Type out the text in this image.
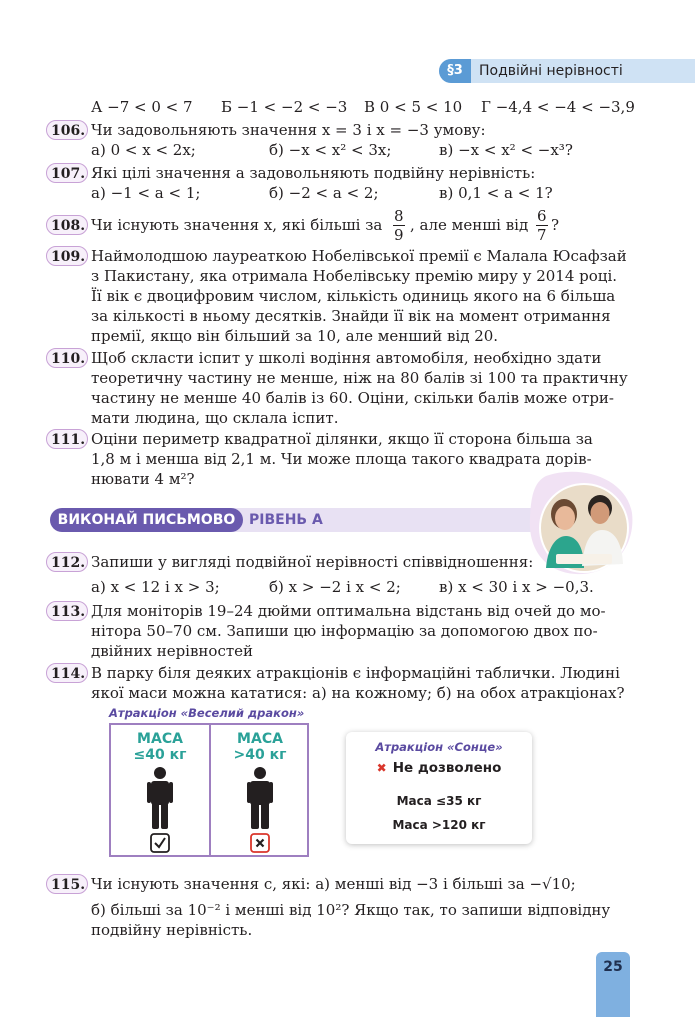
§3	Подвійні нерівності
А −7 < 0 < 7 Б −1 < −2 < −3 В 0 < 5 < 10 Г −4,4 < −4 < −3,9
106. Чи задовольняють значення x = 3 і x = −3 умову:
а) 0 < x < 2x;	б) −x < x² < 3x;	в) −x < x² < −x³?
107. Які цілі значення a задовольняють подвійну нерівність:
а) −1 < a < 1;	б) −2 < a < 2;	в) 0,1 < a < 1?
108. Чи існують значення x, які більші за $\frac{8}{9}$ , але менші від $\frac{6}{7}$ ?
109. Наймолодшою лауреаткою Нобелівської премії є Малала Юсафзай
з Пакистану, яка отримала Нобелівську премію миру у 2014 році.
Її вік є двоцифровим числом, кількість одиниць якого на 6 більша
за кількості в ньому десятків. Знайди її вік на момент отримання
премії, якщо він більший за 10, але менший від 20.
110. Щоб скласти іспит у школі водіння автомобіля, необхідно здати
теоретичну частину не менше, ніж на 80 балів зі 100 та практичну
частину не менше 40 балів із 60. Оціни, скільки балів може отри-
мати людина, що склала іспит.
111. Оціни периметр квадратної ділянки, якщо її сторона більша за
1,8 м і менша від 2,1 м. Чи може площа такого квадрата дорів-
нювати 4 м²?
ВИКОНАЙ ПИСЬМОВО РІВЕНЬ А
112. Запиши у вигляді подвійної нерівності співвідношення:
а) x < 12 і x > 3;	б) x > −2 і x < 2;	в) x < 30 і x > −0,3.
113. Для моніторів 19–24 дюйми оптимальна відстань від очей до мо-
нітора 50–70 см. Запиши цю інформацію за допомогою двох по-
двійних нерівностей
114. В парку біля деяких атракціонів є інформаційні таблички. Людині
якої маси можна кататися: а) на кожному; б) на обох атракціонах?
Атракціон «Веселий дракон»
МАСА
≤40 кг
МАСА
>40 кг	Атракціон «Сонце»
✖ Не дозволено
Маса ≤35 кг
Маса >120 кг
115. Чи існують значення c, які: а) менші від −3 і більші за −√10;
б) більші за 10⁻² і менші від 10²? Якщо так, то запиши відповідну
подвійну нерівність.
25
